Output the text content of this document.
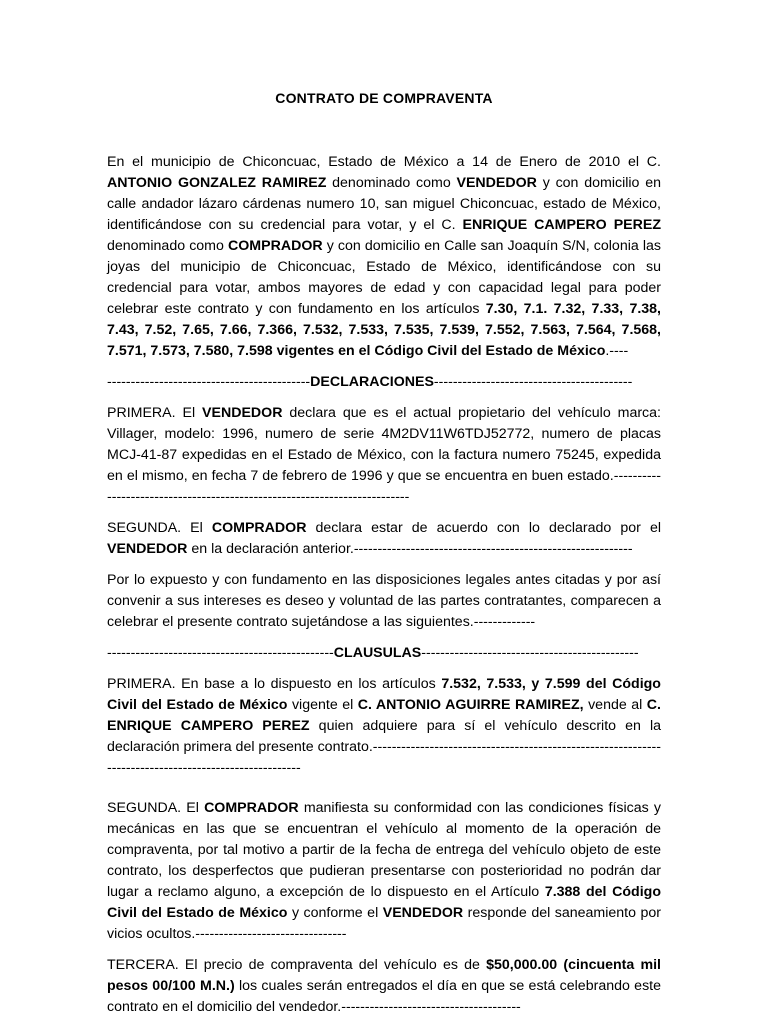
CONTRATO DE COMPRAVENTA

En el municipio de Chiconcuac, Estado de México a 14 de Enero de 2010 el C. ANTONIO GONZALEZ RAMIREZ denominado como VENDEDOR y con domicilio en calle andador lázaro cárdenas numero 10, san miguel Chiconcuac, estado de México, identificándose con su credencial para votar, y el C. ENRIQUE CAMPERO PEREZ denominado como COMPRADOR y con domicilio en Calle san Joaquín S/N, colonia las joyas del municipio de Chiconcuac, Estado de México, identificándose con su credencial para votar, ambos mayores de edad y con capacidad legal para poder celebrar este contrato y con fundamento en los artículos 7.30, 7.1. 7.32, 7.33, 7.38, 7.43, 7.52, 7.65, 7.66, 7.366, 7.532, 7.533, 7.535, 7.539, 7.552, 7.563, 7.564, 7.568, 7.571, 7.573, 7.580, 7.598 vigentes en el Código Civil del Estado de México.----

-------------------------------------------DECLARACIONES------------------------------------------

PRIMERA. El VENDEDOR declara que es el actual propietario del vehículo marca: Villager, modelo: 1996, numero de serie 4M2DV11W6TDJ52772, numero de placas MCJ-41-87 expedidas en el Estado de México, con la factura numero 75245, expedida en el mismo, en fecha 7 de febrero de 1996 y que se encuentra en buen estado.--------------------------------------------------------------------------

SEGUNDA. El COMPRADOR declara estar de acuerdo con lo declarado por el VENDEDOR en la declaración anterior.-----------------------------------------------------------

Por lo expuesto y con fundamento en las disposiciones legales antes citadas y por así convenir a sus intereses es deseo y voluntad de las partes contratantes, comparecen a celebrar el presente contrato sujetándose a las siguientes.-------------

------------------------------------------------CLAUSULAS----------------------------------------------

PRIMERA. En base a lo dispuesto en los artículos 7.532, 7.533, y 7.599 del Código Civil del Estado de México vigente el C. ANTONIO AGUIRRE RAMIREZ, vende al C. ENRIQUE CAMPERO PEREZ quien adquiere para sí el vehículo descrito en la declaración primera del presente contrato.------------------------------------------------------------------------------------------------------

SEGUNDA. El COMPRADOR manifiesta su conformidad con las condiciones físicas y mecánicas en las que se encuentran el vehículo al momento de la operación de compraventa, por tal motivo a partir de la fecha de entrega del vehículo objeto de este contrato, los desperfectos que pudieran presentarse con posterioridad no podrán dar lugar a reclamo alguno, a excepción de lo dispuesto en el Artículo 7.388 del Código Civil del Estado de México y conforme el VENDEDOR responde del saneamiento por vicios ocultos.--------------------------------

TERCERA. El precio de compraventa del vehículo es de $50,000.00 (cincuenta mil pesos 00/100 M.N.) los cuales serán entregados el día en que se está celebrando este contrato en el domicilio del vendedor.--------------------------------------
